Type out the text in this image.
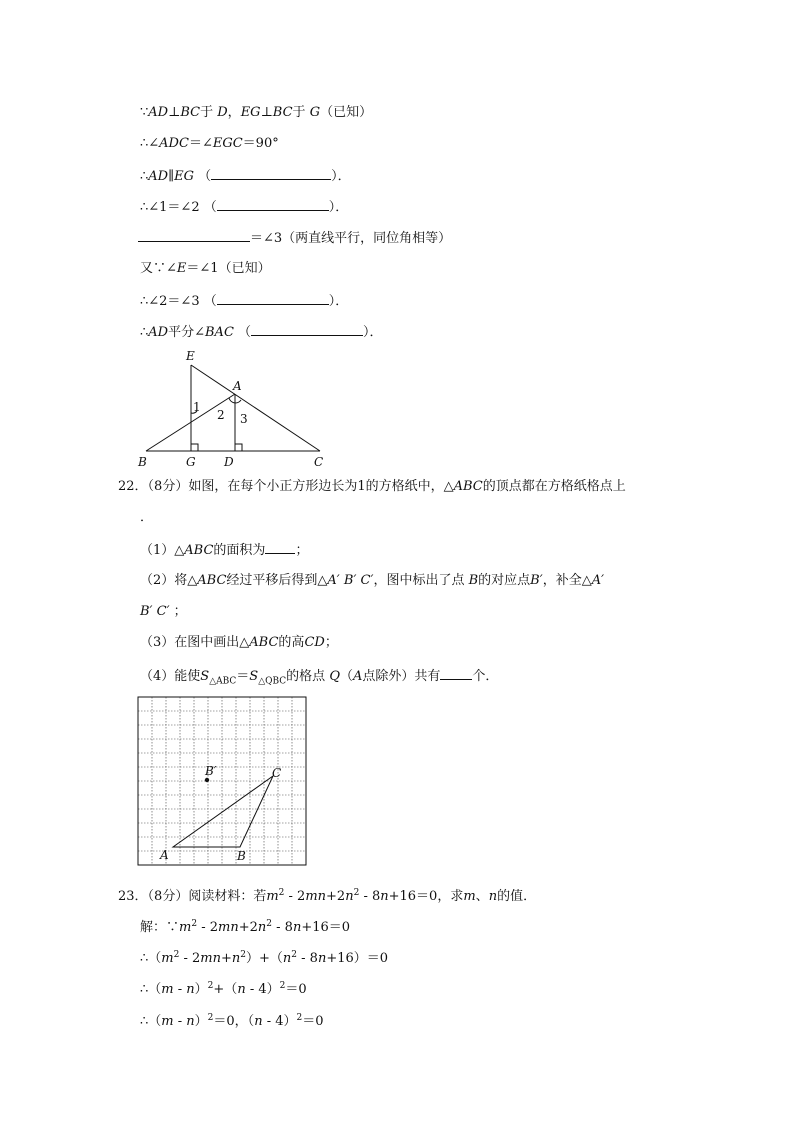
∵AD⊥BC于 D，EG⊥BC于 G（已知）
∴∠ADC＝∠EGC＝90°
∴AD∥EG （	）．
∴∠1＝∠2 （	）．
＝∠3（两直线平行，同位角相等）
又∵∠E＝∠1（已知）
∴∠2＝∠3 （	）．
∴AD平分∠BAC （	）．
E
A
B	G D	C
1
2 3
22．（8分）如图，在每个小正方形边长为1的方格纸中，△ABC的顶点都在方格纸格点上
．
（1）△ABC的面积为 ；
（2）将△ABC经过平移后得到△A′ B′ C′，图中标出了点 B的对应点B′，补全△A′
B′ C′ ；
（3）在图中画出△ABC的高CD；
（4）能使$S_{\triangle ABC}=S_{\triangle QBC}$的格点 Q（A点除外）共有 个．
A	B
C
B′
23．（8分）阅读材料：若$m^2 - 2mn+2n^2 - 8n+16=0$，求m、n的值．
解：$\because m^2 - 2mn+2n^2 - 8n+16=0$
$\therefore(m^2 - 2mn+n^2)+(n^2 - 8n+16)=0$
∴（m - n）$^2$+（n - 4）$^2$＝0
∴（m - n）$^2$＝0，（n - 4）$^2$＝0
